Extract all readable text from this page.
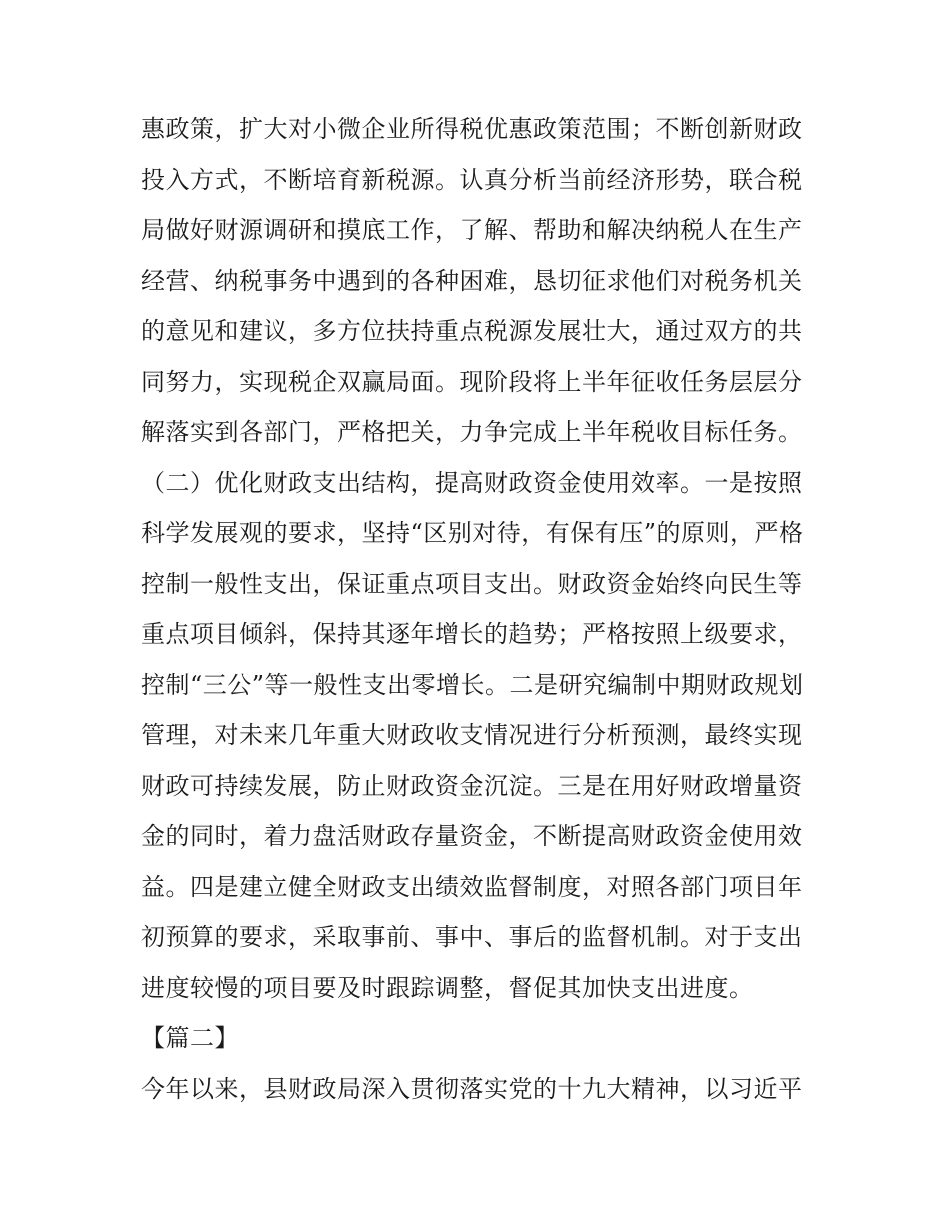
惠政策，扩大对小微企业所得税优惠政策范围；不断创新财政
投入方式，不断培育新税源。认真分析当前经济形势，联合税
局做好财源调研和摸底工作，了解、帮助和解决纳税人在生产
经营、纳税事务中遇到的各种困难，恳切征求他们对税务机关
的意见和建议，多方位扶持重点税源发展壮大，通过双方的共
同努力，实现税企双赢局面。现阶段将上半年征收任务层层分
解落实到各部门，严格把关，力争完成上半年税收目标任务。
（二）优化财政支出结构，提高财政资金使用效率。一是按照
科学发展观的要求，坚持“区别对待，有保有压”的原则，严格
控制一般性支出，保证重点项目支出。财政资金始终向民生等
重点项目倾斜，保持其逐年增长的趋势；严格按照上级要求，
控制“三公”等一般性支出零增长。二是研究编制中期财政规划
管理，对未来几年重大财政收支情况进行分析预测，最终实现
财政可持续发展，防止财政资金沉淀。三是在用好财政增量资
金的同时，着力盘活财政存量资金，不断提高财政资金使用效
益。四是建立健全财政支出绩效监督制度，对照各部门项目年
初预算的要求，采取事前、事中、事后的监督机制。对于支出
进度较慢的项目要及时跟踪调整，督促其加快支出进度。
【篇二】
今年以来，县财政局深入贯彻落实党的十九大精神，以习近平
